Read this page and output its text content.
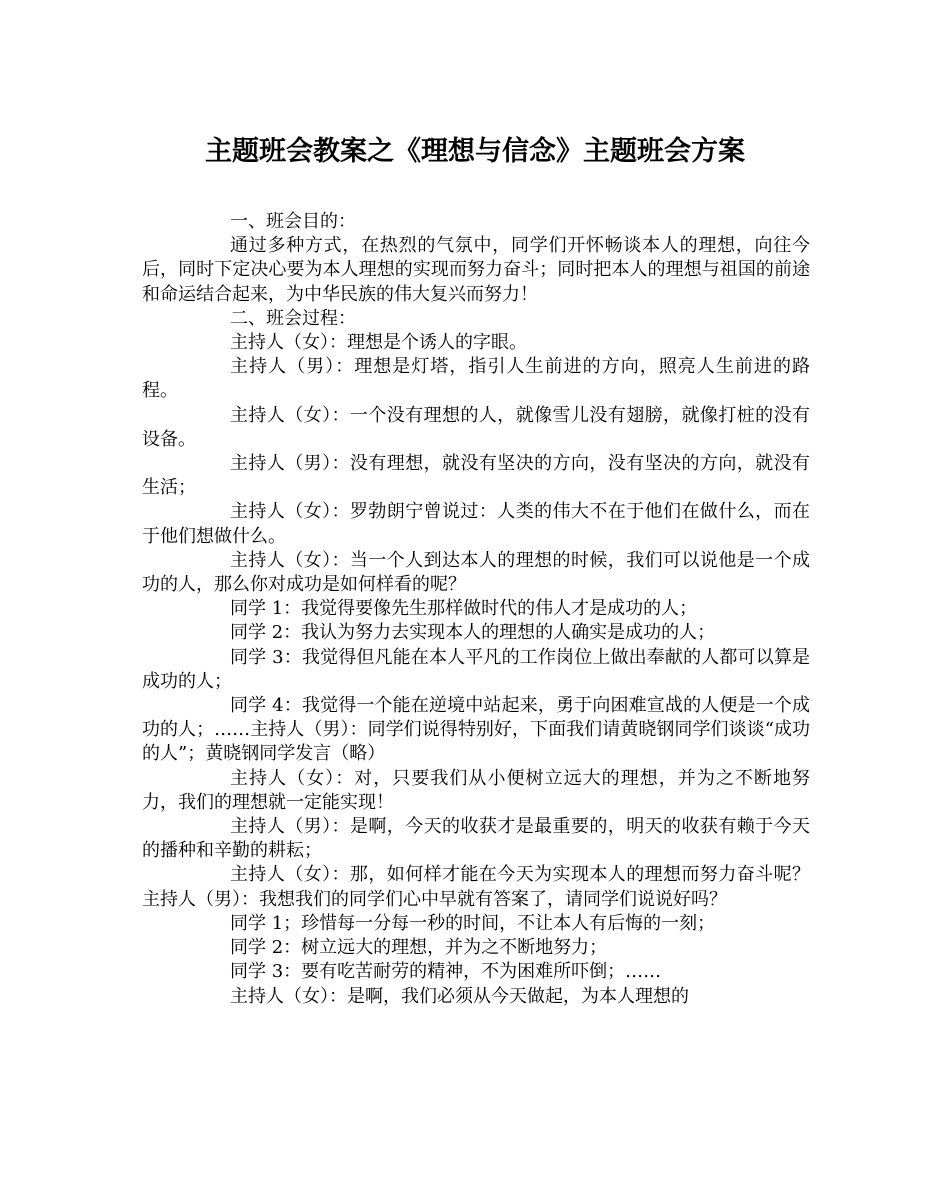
主题班会教案之《理想与信念》主题班会方案

一、班会目的：

通过多种方式，在热烈的气氛中，同学们开怀畅谈本人的理想，向往今后，同时下定决心要为本人理想的实现而努力奋斗；同时把本人的理想与祖国的前途和命运结合起来，为中华民族的伟大复兴而努力！

二、班会过程：

主持人（女）：理想是个诱人的字眼。

主持人（男）：理想是灯塔，指引人生前进的方向，照亮人生前进的路程。

主持人（女）：一个没有理想的人，就像雪儿没有翅膀，就像打桩的没有设备。

主持人（男）：没有理想，就没有坚决的方向，没有坚决的方向，就没有生活；

主持人（女）：罗勃朗宁曾说过：人类的伟大不在于他们在做什么，而在于他们想做什么。

主持人（女）：当一个人到达本人的理想的时候，我们可以说他是一个成功的人，那么你对成功是如何样看的呢？

同学 1：我觉得要像先生那样做时代的伟人才是成功的人；

同学 2：我认为努力去实现本人的理想的人确实是成功的人；

同学 3：我觉得但凡能在本人平凡的工作岗位上做出奉献的人都可以算是成功的人；

同学 4：我觉得一个能在逆境中站起来，勇于向困难宣战的人便是一个成功的人；……主持人（男）：同学们说得特别好，下面我们请黄晓钢同学们谈谈“成功的人”；黄晓钢同学发言（略）

主持人（女）：对，只要我们从小便树立远大的理想，并为之不断地努力，我们的理想就一定能实现！

主持人（男）：是啊，今天的收获才是最重要的，明天的收获有赖于今天的播种和辛勤的耕耘；

主持人（女）：那，如何样才能在今天为实现本人的理想而努力奋斗呢？ 主持人（男）：我想我们的同学们心中早就有答案了，请同学们说说好吗？

同学 1；珍惜每一分每一秒的时间，不让本人有后悔的一刻；

同学 2：树立远大的理想，并为之不断地努力；

同学 3：要有吃苦耐劳的精神，不为困难所吓倒；……

主持人（女）：是啊，我们必须从今天做起，为本人理想的
